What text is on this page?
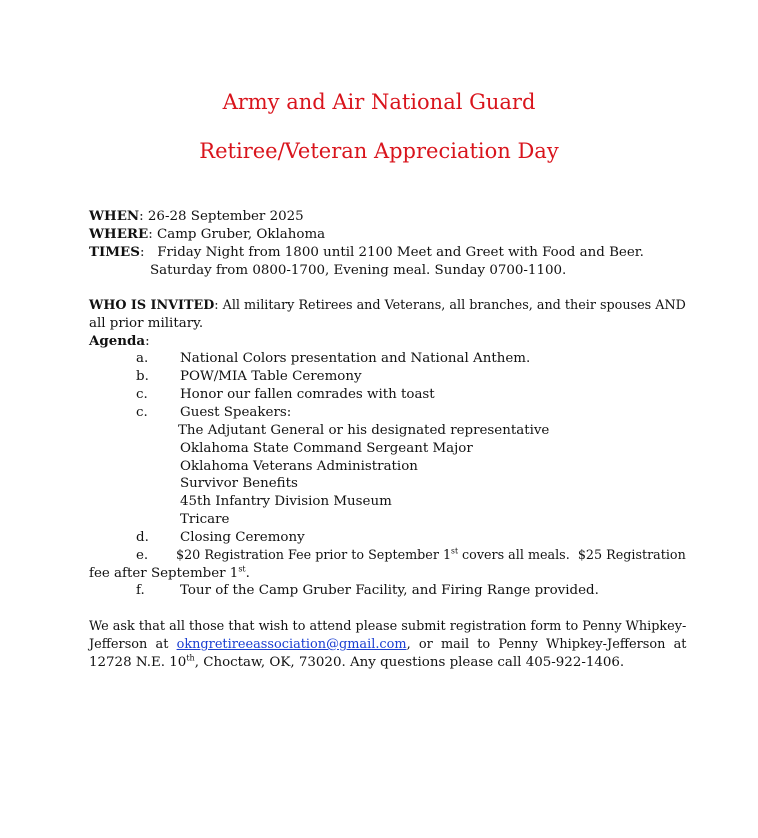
Army and Air National Guard
Retiree/Veteran Appreciation Day
WHEN: 26-28 September 2025
WHERE: Camp Gruber, Oklahoma
TIMES:   Friday Night from 1800 until 2100 Meet and Greet with Food and Beer.
Saturday from 0800-1700, Evening meal. Sunday 0700-1100.
WHO IS INVITED: All military Retirees and Veterans, all branches, and their spouses AND
all prior military.
Agenda:
a. National Colors presentation and National Anthem.
b. POW/MIA Table Ceremony
c. Honor our fallen comrades with toast
c. Guest Speakers:
The Adjutant General or his designated representative
Oklahoma State Command Sergeant Major
Oklahoma Veterans Administration
Survivor Benefits
45th Infantry Division Museum
Tricare
d. Closing Ceremony
e. $20 Registration Fee prior to September 1st covers all meals.  $25 Registration
fee after September 1st.
f.	Tour of the Camp Gruber Facility, and Firing Range provided.
We ask that all those that wish to attend please submit registration form to Penny Whipkey-
Jefferson  at  okngretireeassociation@gmail.com,  or  mail  to  Penny  Whipkey-Jefferson  at
12728 N.E. 10th, Choctaw, OK, 73020. Any questions please call 405-922-1406.
